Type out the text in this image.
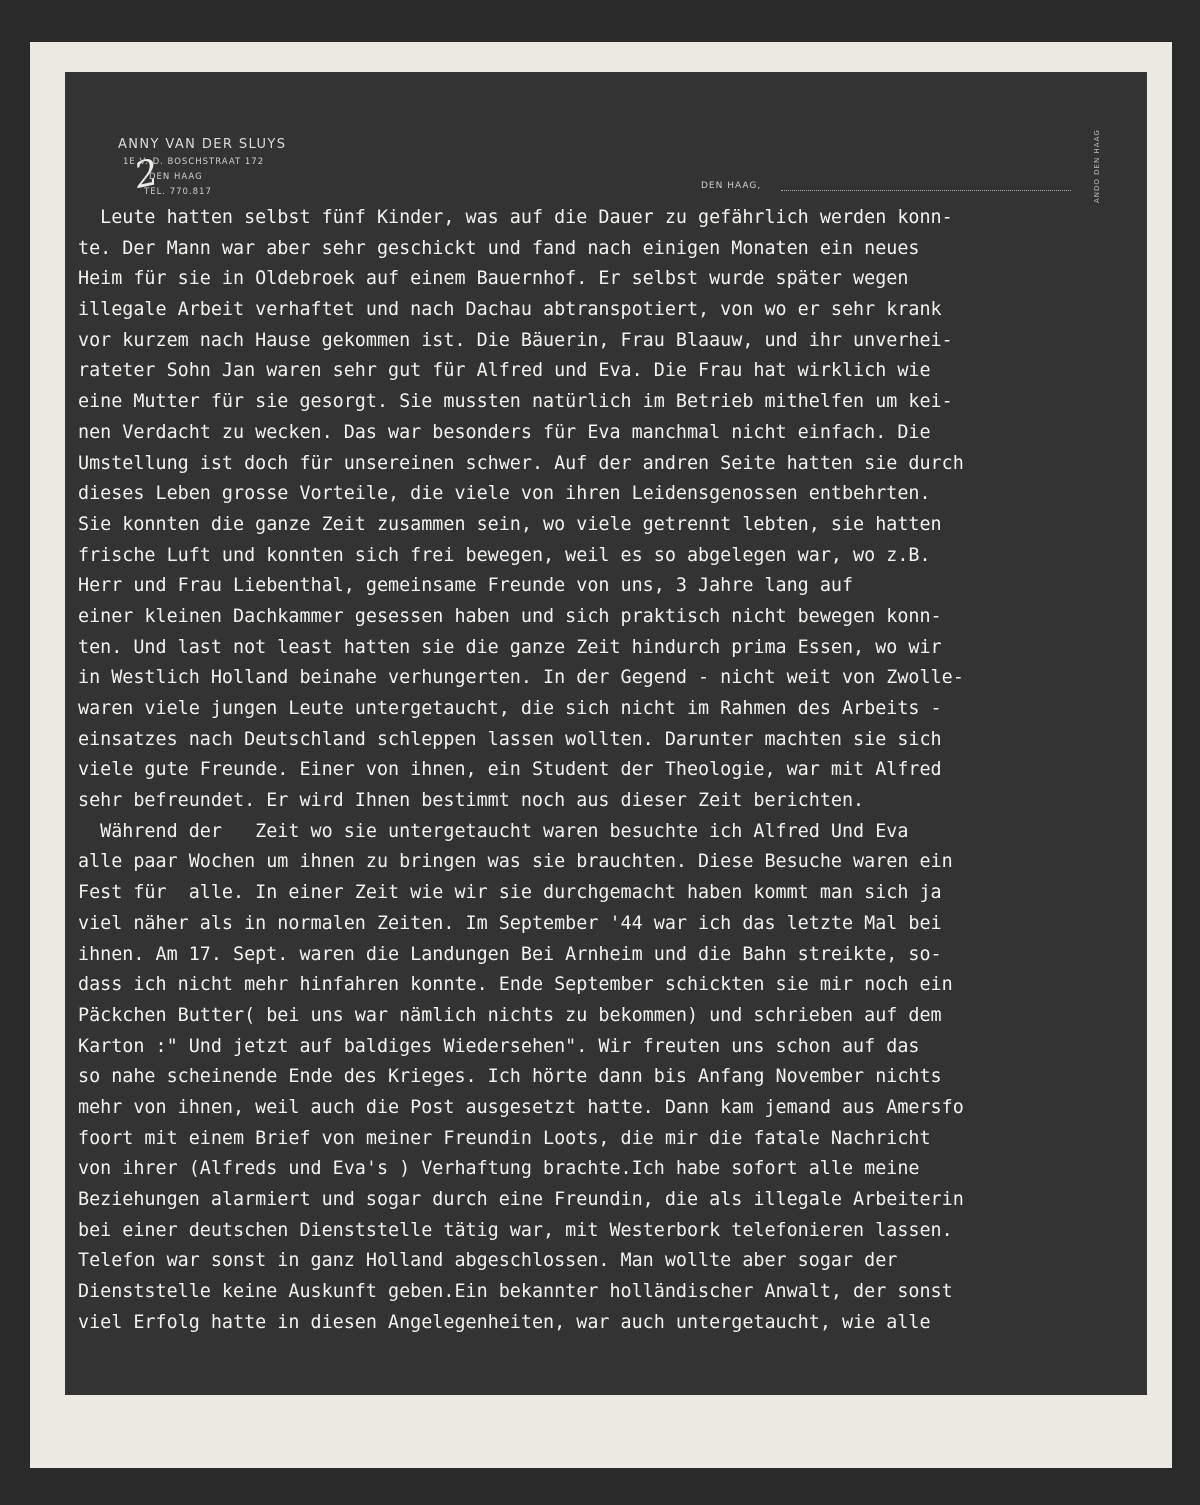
2
ANNY VAN DER SLUYS
1E V. D. BOSCHSTRAAT 172
DEN HAAG
TEL. 770.817
DEN HAAG,	ANDO DEN HAAG
Leute hatten selbst fünf Kinder, was auf die Dauer zu gefährlich werden konn-
te. Der Mann war aber sehr geschickt und fand nach einigen Monaten ein neues
Heim für sie in Oldebroek auf einem Bauernhof. Er selbst wurde später wegen
illegale Arbeit verhaftet und nach Dachau abtranspotiert, von wo er sehr krank
vor kurzem nach Hause gekommen ist. Die Bäuerin, Frau Blaauw, und ihr unverhei-
rateter Sohn Jan waren sehr gut für Alfred und Eva. Die Frau hat wirklich wie
eine Mutter für sie gesorgt. Sie mussten natürlich im Betrieb mithelfen um kei-
nen Verdacht zu wecken. Das war besonders für Eva manchmal nicht einfach. Die
Umstellung ist doch für unsereinen schwer. Auf der andren Seite hatten sie durch
dieses Leben grosse Vorteile, die viele von ihren Leidensgenossen entbehrten.
Sie konnten die ganze Zeit zusammen sein, wo viele getrennt lebten, sie hatten
frische Luft und konnten sich frei bewegen, weil es so abgelegen war, wo z.B.
Herr und Frau Liebenthal, gemeinsame Freunde von uns, 3 Jahre lang auf
einer kleinen Dachkammer gesessen haben und sich praktisch nicht bewegen konn-
ten. Und last not least hatten sie die ganze Zeit hindurch prima Essen, wo wir
in Westlich Holland beinahe verhungerten. In der Gegend - nicht weit von Zwolle-
waren viele jungen Leute untergetaucht, die sich nicht im Rahmen des Arbeits -
einsatzes nach Deutschland schleppen lassen wollten. Darunter machten sie sich
viele gute Freunde. Einer von ihnen, ein Student der Theologie, war mit Alfred
sehr befreundet. Er wird Ihnen bestimmt noch aus dieser Zeit berichten.
Während der   Zeit wo sie untergetaucht waren besuchte ich Alfred Und Eva
alle paar Wochen um ihnen zu bringen was sie brauchten. Diese Besuche waren ein
Fest für  alle. In einer Zeit wie wir sie durchgemacht haben kommt man sich ja
viel näher als in normalen Zeiten. Im September '44 war ich das letzte Mal bei
ihnen. Am 17. Sept. waren die Landungen Bei Arnheim und die Bahn streikte, so-
dass ich nicht mehr hinfahren konnte. Ende September schickten sie mir noch ein
Päckchen Butter( bei uns war nämlich nichts zu bekommen) und schrieben auf dem
Karton :" Und jetzt auf baldiges Wiedersehen". Wir freuten uns schon auf das
so nahe scheinende Ende des Krieges. Ich hörte dann bis Anfang November nichts
mehr von ihnen, weil auch die Post ausgesetzt hatte. Dann kam jemand aus Amersfo
foort mit einem Brief von meiner Freundin Loots, die mir die fatale Nachricht
von ihrer (Alfreds und Eva's ) Verhaftung brachte.Ich habe sofort alle meine
Beziehungen alarmiert und sogar durch eine Freundin, die als illegale Arbeiterin
bei einer deutschen Dienststelle tätig war, mit Westerbork telefonieren lassen.
Telefon war sonst in ganz Holland abgeschlossen. Man wollte aber sogar der
Dienststelle keine Auskunft geben.Ein bekannter holländischer Anwalt, der sonst
viel Erfolg hatte in diesen Angelegenheiten, war auch untergetaucht, wie alle
